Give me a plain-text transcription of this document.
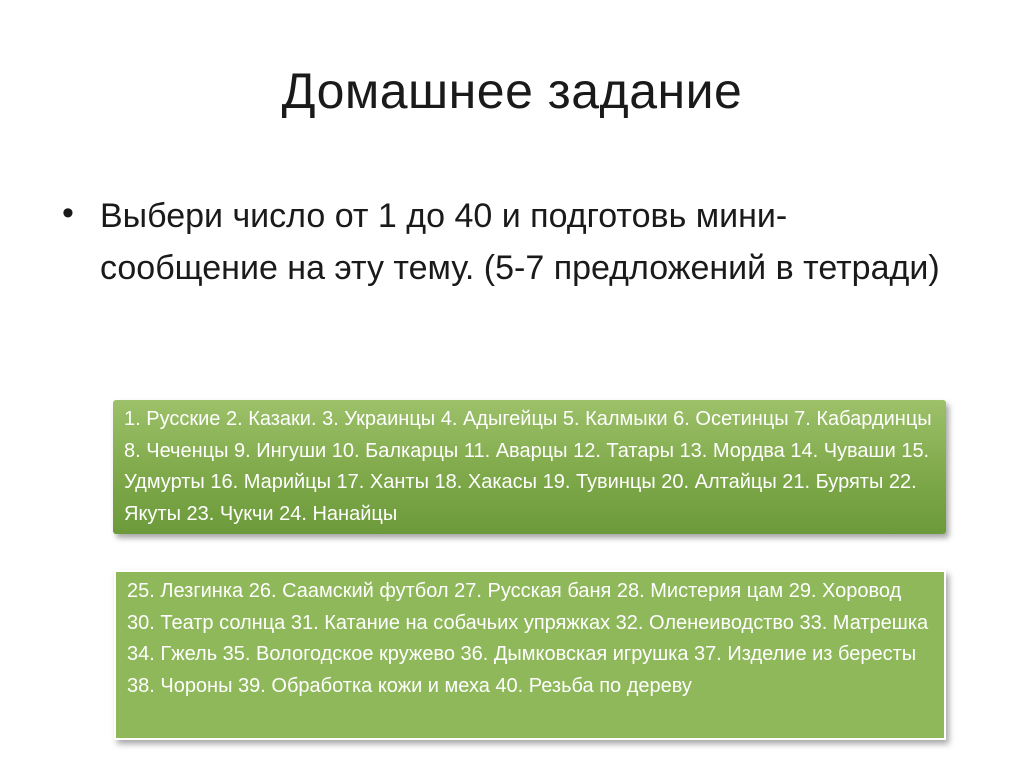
Домашнее задание
• Выбери число от 1 до 40 и подготовь мини-сообщение на эту тему. (5-7 предложений в тетради)
1. Русские 2. Казаки. 3. Украинцы 4. Адыгейцы 5. Калмыки 6. Осетинцы 7. Кабардинцы 8. Чеченцы 9. Ингуши 10. Балкарцы 11. Аварцы 12. Татары 13. Мордва 14. Чуваши 15. Удмурты 16. Марийцы 17. Ханты 18. Хакасы 19. Тувинцы 20. Алтайцы 21. Буряты 22. Якуты 23. Чукчи 24. Нанайцы
25. Лезгинка 26. Саамский футбол 27. Русская баня 28. Мистерия цам 29. Хоровод 30. Театр солнца 31. Катание на собачьих упряжках 32. Оленеиводство 33. Матрешка 34. Гжель 35. Вологодское кружево 36. Дымковская игрушка 37. Изделие из бересты 38. Чороны 39. Обработка кожи и меха 40. Резьба по дереву
